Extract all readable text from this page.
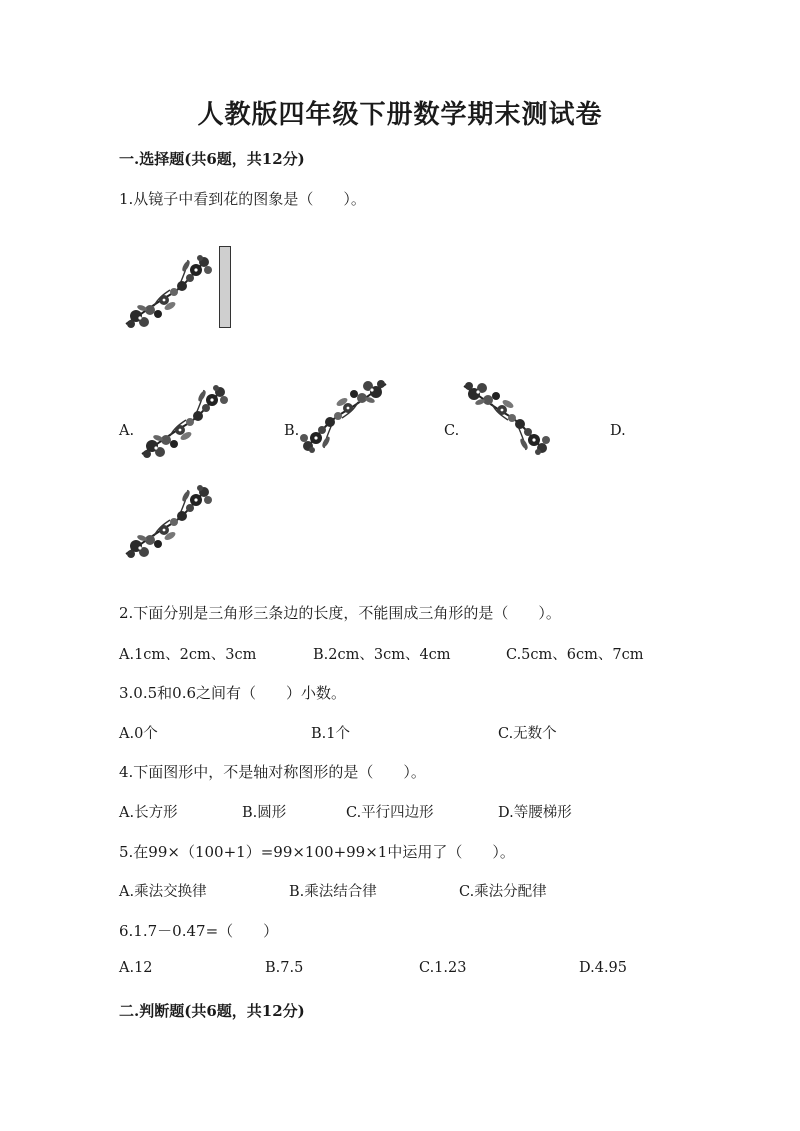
人教版四年级下册数学期末测试卷
一.选择题(共6题，共12分)
1.从镜子中看到花的图象是（　　）。
A.	B.	C.	D.
2.下面分别是三角形三条边的长度，不能围成三角形的是（　　）。
A.1cm、2cm、3cm	B.2cm、3cm、4cm	C.5cm、6cm、7cm
3.0.5和0.6之间有（　　）小数。
A.0个	B.1个	C.无数个
4.下面图形中，不是轴对称图形的是（　　）。
A.长方形	B.圆形	C.平行四边形	D.等腰梯形
5.在99×（100+1）=99×100+99×1中运用了（　　）。
A.乘法交换律	B.乘法结合律	C.乘法分配律
6.1.7－0.47=（　　）
A.12	B.7.5	C.1.23	D.4.95
二.判断题(共6题，共12分)
